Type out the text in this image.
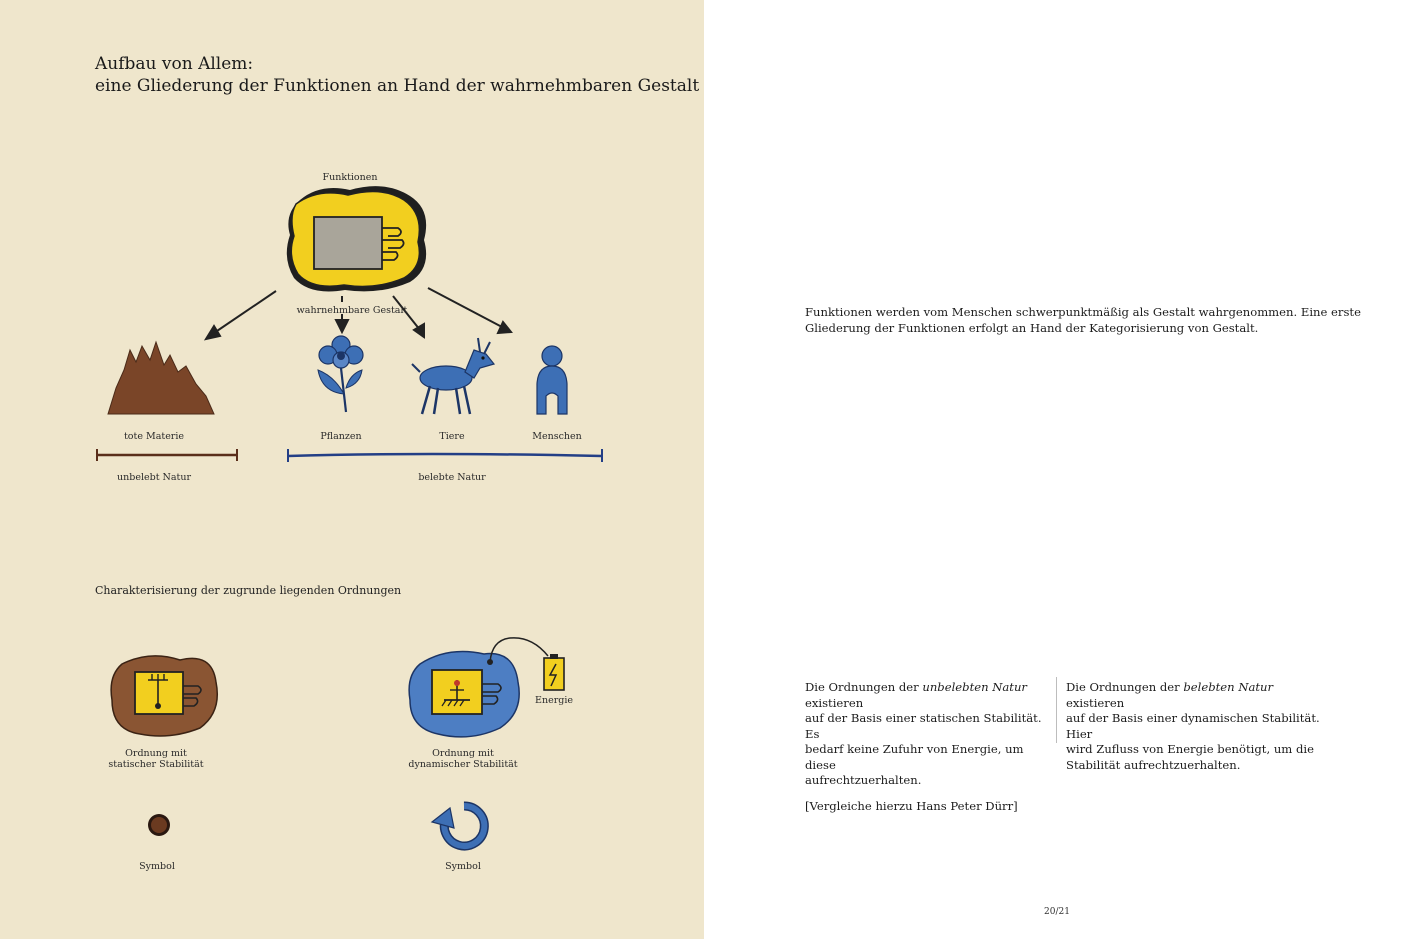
Aufbau von Allem:
eine Gliederung der Funktionen an Hand der wahrnehmbaren Gestalt
Funktionen
wahrnehmbare Gestalt
tote Materie	Pflanzen	Tiere	Menschen
unbelebt Natur	belebte Natur
Charakterisierung der zugrunde liegenden Ordnungen
Ordnung mit
statischer Stabilität
Ordnung mit
dynamischer Stabilität
Energie
Symbol	Symbol
Funktionen werden vom Menschen schwerpunktmäßig als Gestalt wahrgenommen. Eine erste
Gliederung der Funktionen erfolgt an Hand der Kategorisierung von Gestalt.
Die Ordnungen der unbelebten Natur existieren
auf der Basis einer statischen Stabilität. Es
bedarf keine Zufuhr von Energie, um diese
aufrechtzuerhalten.
[Vergleiche hierzu Hans Peter Dürr]
Die Ordnungen der belebten Natur existieren
auf der Basis einer dynamischen Stabilität. Hier
wird Zufluss von Energie benötigt, um die
Stabilität aufrechtzuerhalten.
20/21
